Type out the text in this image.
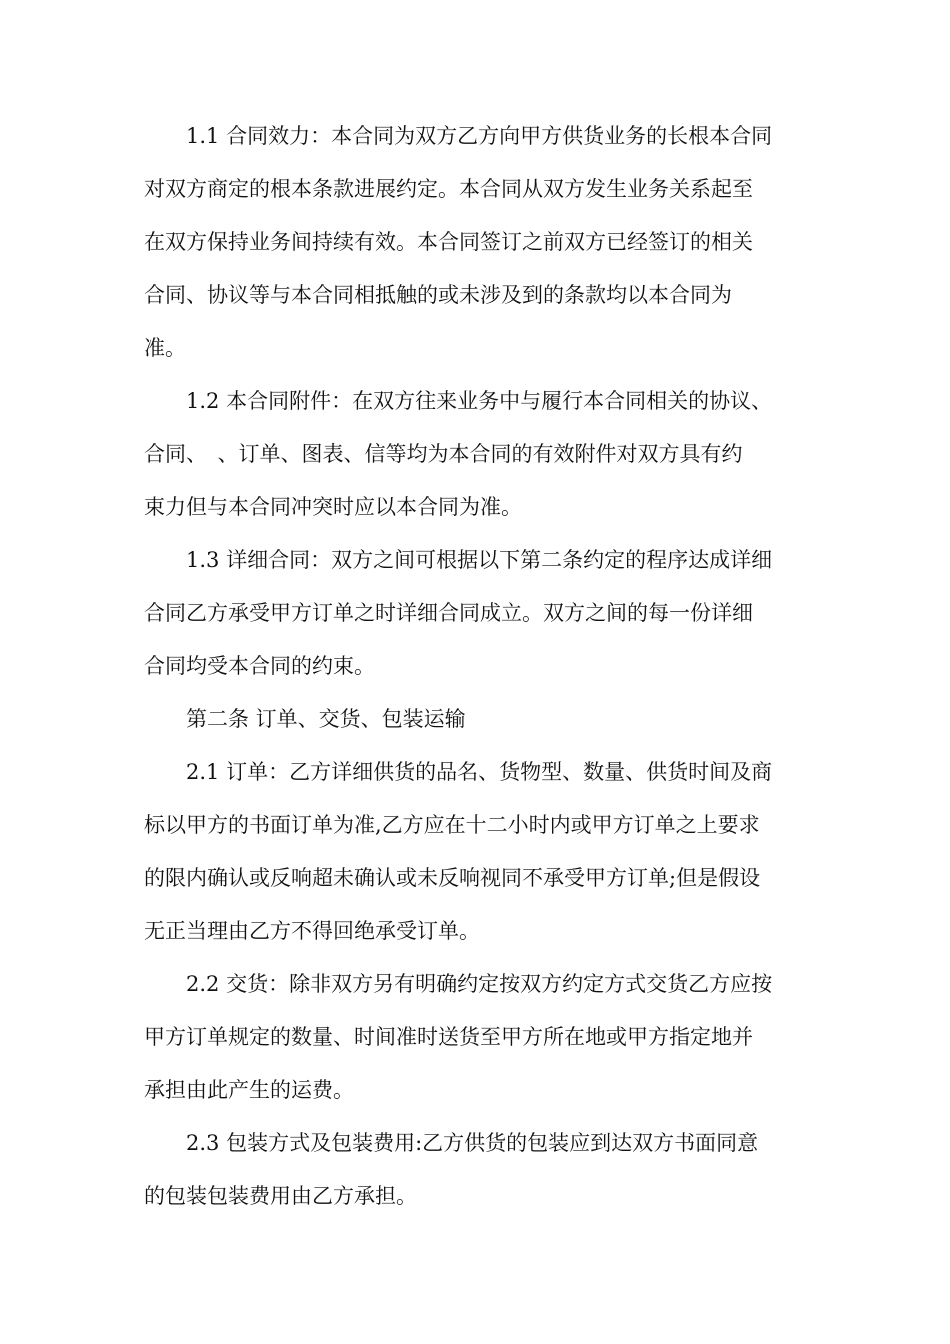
　　1.1 合同效力：本合同为双方乙方向甲方供货业务的长根本合同
对双方商定的根本条款进展约定。本合同从双方发生业务关系起至
在双方保持业务间持续有效。本合同签订之前双方已经签订的相关
合同、协议等与本合同相抵触的或未涉及到的条款均以本合同为
准。

　　1.2 本合同附件：在双方往来业务中与履行本合同相关的协议、
合同、　、订单、图表、信等均为本合同的有效附件对双方具有约
束力但与本合同冲突时应以本合同为准。

　　1.3 详细合同：双方之间可根据以下第二条约定的程序达成详细
合同乙方承受甲方订单之时详细合同成立。双方之间的每一份详细
合同均受本合同的约束。

　　第二条 订单、交货、包装运输

　　2.1 订单：乙方详细供货的品名、货物型、数量、供货时间及商
标以甲方的书面订单为准,乙方应在十二小时内或甲方订单之上要求
的限内确认或反响超未确认或未反响视同不承受甲方订单;但是假设
无正当理由乙方不得回绝承受订单。

　　2.2 交货：除非双方另有明确约定按双方约定方式交货乙方应按
甲方订单规定的数量、时间准时送货至甲方所在地或甲方指定地并
承担由此产生的运费。

　　2.3 包装方式及包装费用:乙方供货的包装应到达双方书面同意
的包装包装费用由乙方承担。
